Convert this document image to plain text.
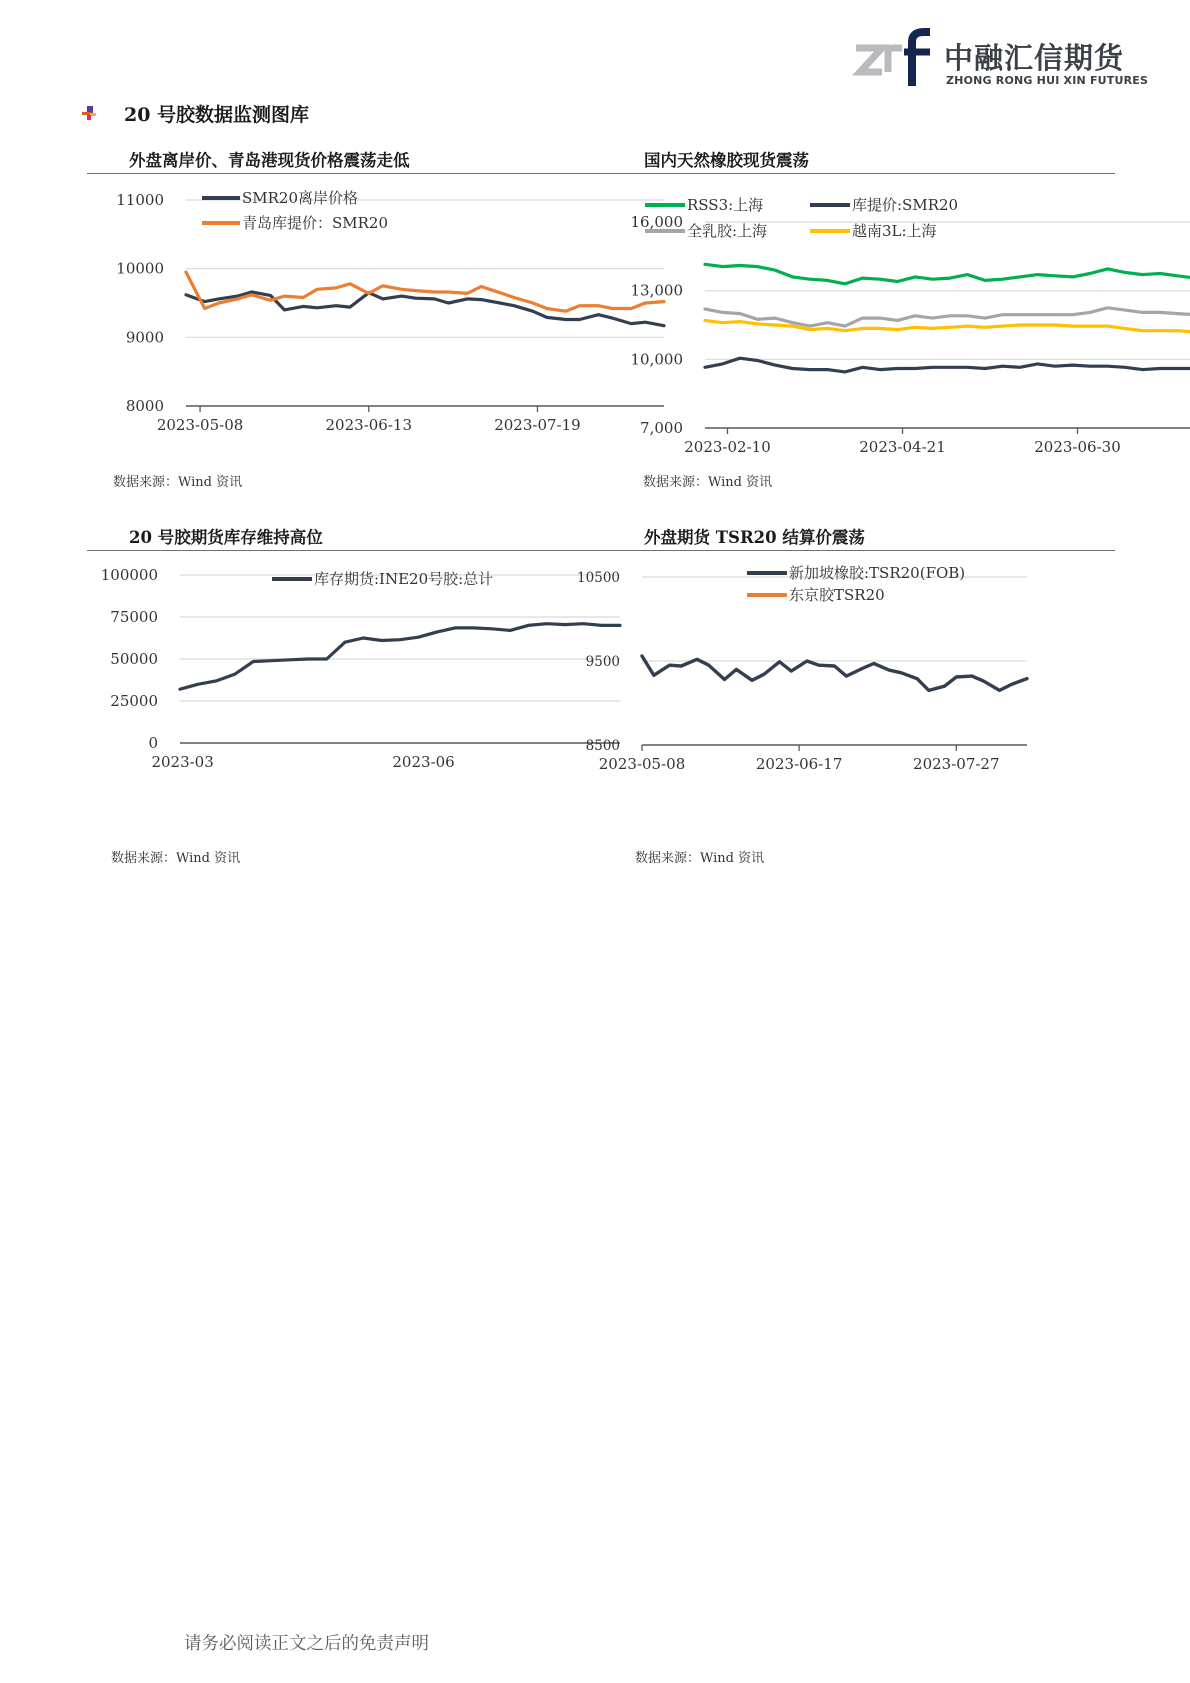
中融汇信期货
ZHONG RONG HUI XIN FUTURES
20 号胶数据监测图库
外盘离岸价、青岛港现货价格震荡走低
8000
9000
10000
11000
2023-05-08	2023-06-13	2023-07-19
SMR20离岸价格
青岛库提价：SMR20
数据来源：Wind 资讯
国内天然橡胶现货震荡
7,000
10,000
13,000
16,000
2023-02-10	2023-04-21	2023-06-30
RSS3:上海	库提价:SMR20
全乳胶:上海	越南3L:上海
数据来源：Wind 资讯
20 号胶期货库存维持高位
0
25000
50000
75000
100000
2023-03	2023-06
库存期货:INE20号胶:总计
数据来源：Wind 资讯
外盘期货 TSR20 结算价震荡
8500
9500
10500
2023-05-08	2023-06-17	2023-07-27
新加坡橡胶:TSR20(FOB)
东京胶TSR20
数据来源：Wind 资讯
请务必阅读正文之后的免责声明
